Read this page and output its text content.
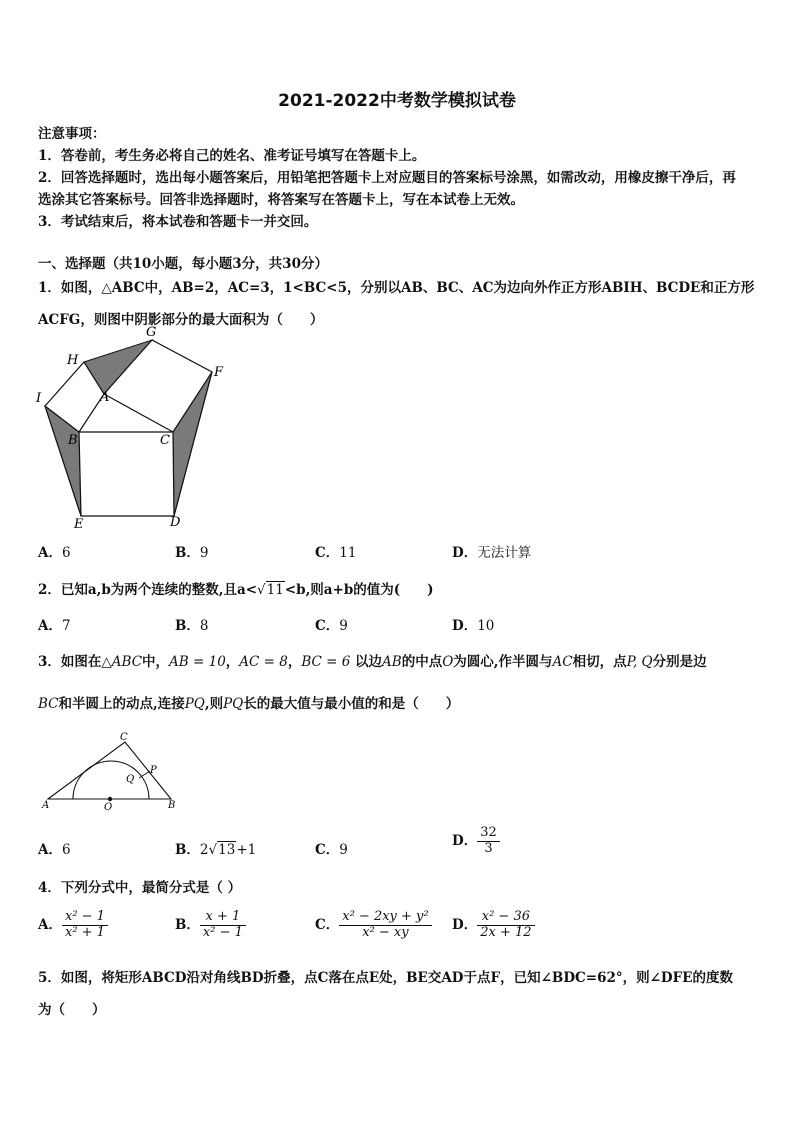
2021-2022中考数学模拟试卷
注意事项：
1．答卷前，考生务必将自己的姓名、准考证号填写在答题卡上。
2．回答选择题时，选出每小题答案后，用铅笔把答题卡上对应题目的答案标号涂黑，如需改动，用橡皮擦干净后，再
选涂其它答案标号。回答非选择题时，将答案写在答题卡上，写在本试卷上无效。
3．考试结束后，将本试卷和答题卡一并交回。
一、选择题（共10小题，每小题3分，共30分）
1．如图，△ABC中，AB=2，AC=3，1<BC<5，分别以AB、BC、AC为边向外作正方形ABIH、BCDE和正方形
ACFG，则图中阴影部分的最大面积为（　　）
G
H
F
I	A
B	C
E	D
A．6	B．9	C．11	D．无法计算
2．已知a,b为两个连续的整数,且a<√11<b,则a+b的值为(　　)
A．7	B．8	C．9	D．10
3．如图在△ABC中，AB = 10，AC = 8，BC = 6 以边AB的中点O为圆心,作半圆与AC相切，点P, Q分别是边
BC和半圆上的动点,连接PQ,则PQ长的最大值与最小值的和是（　　）
C
P
Q
A	O	B
A．6	B．2√13+1	C．9
D． $\frac{32}{3}$
4．下列分式中，最简分式是（ ）
A． $\frac{\text{x² − 1}}{\text{x² + 1}}$	B． $\frac{x + 1}{\text{x² − 1}}$	C． $\frac{\text{x² − 2xy + y²}}{\text{x² − xy}}$ D． $\frac{\text{x² − 36}}{2x + 12}$
5．如图，将矩形ABCD沿对角线BD折叠，点C落在点E处，BE交AD于点F，已知∠BDC=62°，则∠DFE的度数
为（　　）
